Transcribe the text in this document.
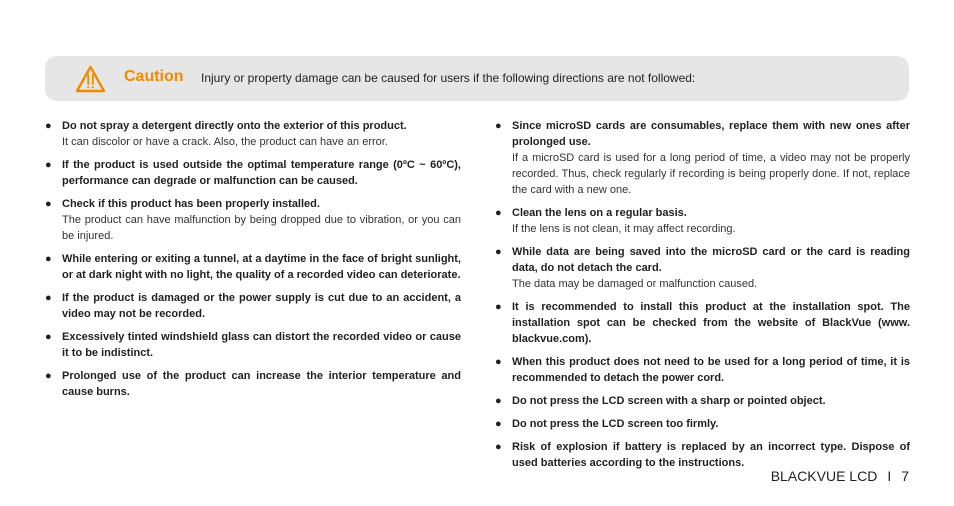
Caution Injury or property damage can be caused for users if the following directions are not followed:
● Do not spray a detergent directly onto the exterior of this product.
It can discolor or have a crack. Also, the product can have an error.
● If the product is used outside the optimal temperature range (0ºC ~ 60ºC), performance can degrade or malfunction can be caused.
● Check if this product has been properly installed.
The product can have malfunction by being dropped due to vibration, or you can be injured.
● While entering or exiting a tunnel, at a daytime in the face of bright sunlight, or at dark night with no light, the quality of a recorded video can deteriorate.
● If the product is damaged or the power supply is cut due to an accident, a video may not be recorded.
● Excessively tinted windshield glass can distort the recorded video or cause it to be indistinct.
● Prolonged use of the product can increase the interior temperature and cause burns.
● Since microSD cards are consumables, replace them with new ones after prolonged use.
If a microSD card is used for a long period of time, a video may not be properly recorded. Thus, check regularly if recording is being properly done. If not, replace the card with a new one.
● Clean the lens on a regular basis.
If the lens is not clean, it may affect recording.
● While data are being saved into the microSD card or the card is reading data, do not detach the card.
The data may be damaged or malfunction caused.
● It is recommended to install this product at the installation spot. The installation spot can be checked from the website of BlackVue (www. blackvue.com).
● When this product does not need to be used for a long period of time, it is recommended to detach the power cord.
● Do not press the LCD screen with a sharp or pointed object.
● Do not press the LCD screen too firmly.
● Risk of explosion if battery is replaced by an incorrect type. Dispose of used batteries according to the instructions.
BLACKVUE LCD I 7
